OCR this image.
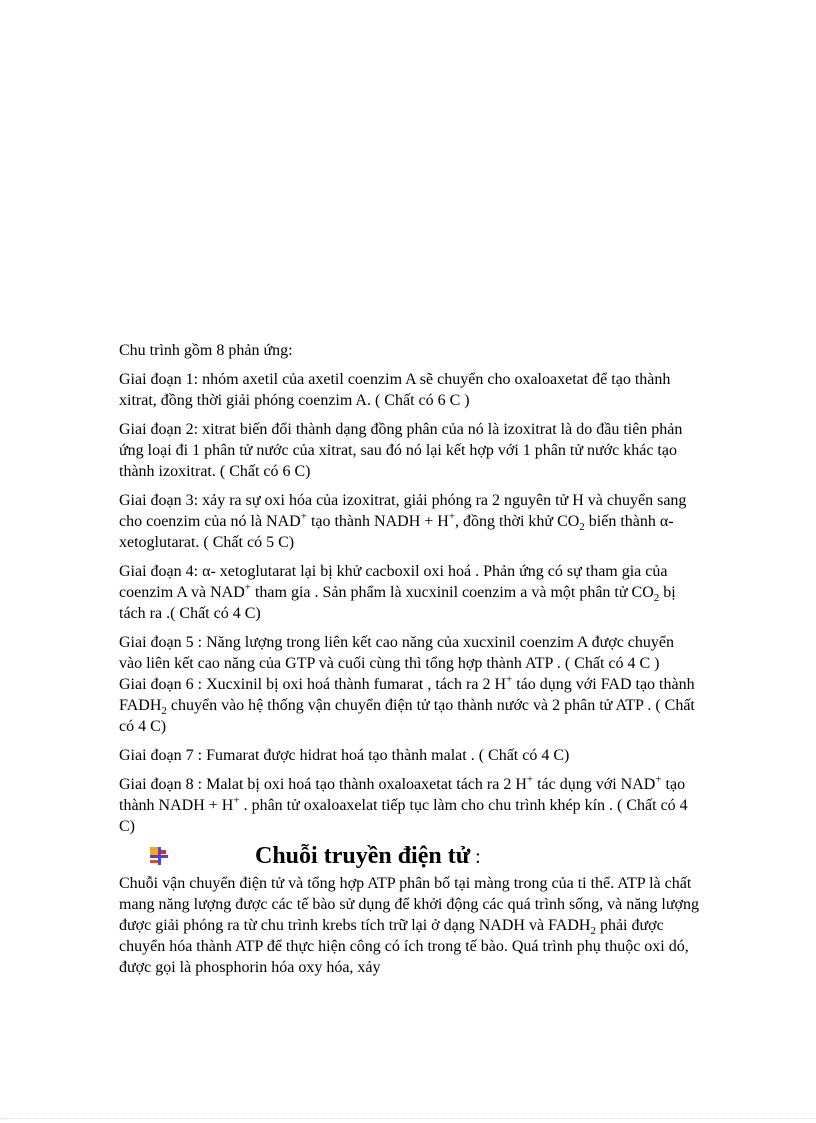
Chu trình gồm 8 phản ứng:

Giai đoạn 1: nhóm axetil của axetil coenzim A sẽ chuyển cho oxaloaxetat để tạo thành xitrat, đồng thời giải phóng coenzim A. ( Chất có 6 C )

Giai đoạn 2: xitrat biến đổi thành dạng đồng phân của nó là izoxitrat là do đầu tiên phản ứng loại đi 1 phân tử nước của xitrat, sau đó nó lại kết hợp với 1 phân tử nước khác tạo thành izoxitrat. ( Chất có 6 C)

Giai đoạn 3: xảy ra sự oxi hóa của izoxitrat, giải phóng ra 2 nguyên tử H và chuyển sang cho coenzim của nó là NAD+ tạo thành NADH + H+, đồng thời khử $CO_2$ biến thành α-xetoglutarat. ( Chất có 5 C)

Giai đoạn 4: α- xetoglutarat lại bị khử cacboxil oxi hoá . Phản ứng có sự tham gia của coenzim A và NAD+ tham gia . Sản phẩm là xucxinil coenzim a và một phân tử $CO_2$ bị tách ra .( Chất có 4 C)

Giai đoạn 5 : Năng lượng trong liên kết cao năng của xucxinil coenzim A được chuyển vào liên kết cao năng của GTP và cuối cùng thì tổng hợp thành ATP . ( Chất có 4 C )

Giai đoạn 6 : Xucxinil bị oxi hoá thành fumarat , tách ra 2 H+ táo dụng với FAD tạo thành $FADH_2$ chuyển vào hệ thống vận chuyển điện tử tạo thành nước và 2 phân tử ATP . ( Chất có 4 C)

Giai đoạn 7 : Fumarat được hidrat hoá tạo thành malat . ( Chất có 4 C)

Giai đoạn 8 : Malat bị oxi hoá tạo thành oxaloaxetat tách ra 2 H+ tác dụng với NAD+ tạo thành NADH + H+ . phân tử oxaloaxelat tiếp tục làm cho chu trình khép kín . ( Chất có 4 C)

Chuỗi truyền điện tử :

Chuỗi vận chuyển điện tử và tổng hợp ATP phân bố tại màng trong của ti thể. ATP là chất mang năng lượng được các tế bào sử dụng để khởi động các quá trình sống, và năng lượng được giải phóng ra từ chu trình krebs tích trữ lại ở dạng NADH và $FADH_2$ phải được chuyển hóa thành ATP để thực hiện công có ích trong tế bào. Quá trình phụ thuộc oxi dó, được gọi là phosphorin hóa oxy hóa, xảy
